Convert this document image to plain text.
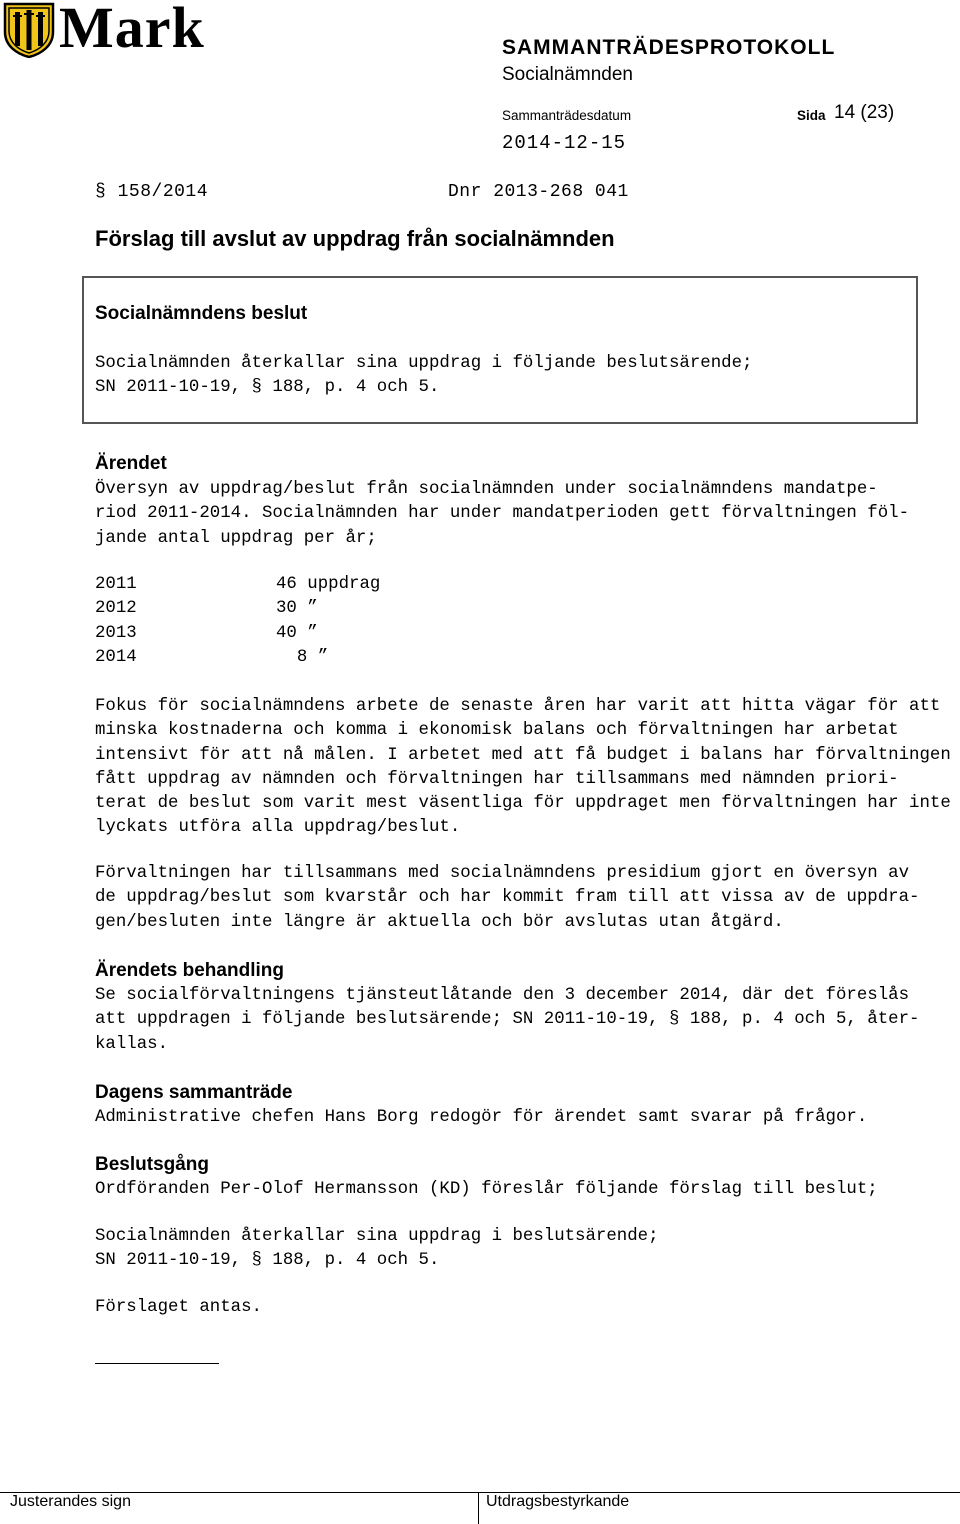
Mark	SAMMANTRÄDESPROTOKOLL
Socialnämnden
Sammanträdesdatum	Sida 14 (23)
2014-12-15
§ 158/2014	Dnr 2013-268 041
Förslag till avslut av uppdrag från socialnämnden
Socialnämndens beslut
Socialnämnden återkallar sina uppdrag i följande beslutsärende;
SN 2011-10-19, § 188, p. 4 och 5.
Ärendet
Översyn av uppdrag/beslut från socialnämnden under socialnämndens mandatpe-
riod 2011-2014. Socialnämnden har under mandatperioden gett förvaltningen föl-
jande antal uppdrag per år;
2011	46 uppdrag
2012	30 ”
2013	40 ”
2014	8 ”
Fokus för socialnämndens arbete de senaste åren har varit att hitta vägar för att
minska kostnaderna och komma i ekonomisk balans och förvaltningen har arbetat
intensivt för att nå målen. I arbetet med att få budget i balans har förvaltningen
fått uppdrag av nämnden och förvaltningen har tillsammans med nämnden priori-
terat de beslut som varit mest väsentliga för uppdraget men förvaltningen har inte
lyckats utföra alla uppdrag/beslut.
Förvaltningen har tillsammans med socialnämndens presidium gjort en översyn av
de uppdrag/beslut som kvarstår och har kommit fram till att vissa av de uppdra-
gen/besluten inte längre är aktuella och bör avslutas utan åtgärd.
Ärendets behandling
Se socialförvaltningens tjänsteutlåtande den 3 december 2014, där det föreslås
att uppdragen i följande beslutsärende; SN 2011-10-19, § 188, p. 4 och 5, åter-
kallas.
Dagens sammanträde
Administrative chefen Hans Borg redogör för ärendet samt svarar på frågor.
Beslutsgång
Ordföranden Per-Olof Hermansson (KD) föreslår följande förslag till beslut;
Socialnämnden återkallar sina uppdrag i beslutsärende;
SN 2011-10-19, § 188, p. 4 och 5.
Förslaget antas.
Justerandes sign	Utdragsbestyrkande
